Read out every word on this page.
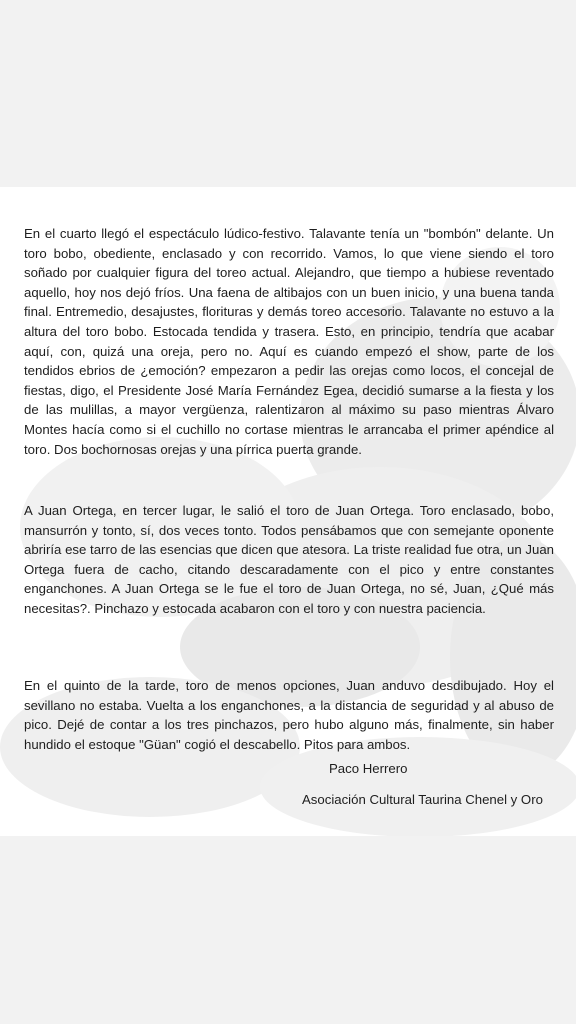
En el cuarto llegó el espectáculo lúdico-festivo. Talavante tenía un "bombón" delante. Un toro bobo, obediente, enclasado y con recorrido. Vamos, lo que viene siendo el toro soñado por cualquier figura del toreo actual. Alejandro, que tiempo a hubiese reventado aquello, hoy nos dejó fríos. Una faena de altibajos con un buen inicio, y una buena tanda final. Entremedio, desajustes, florituras y demás toreo accesorio. Talavante no estuvo a la altura del toro bobo. Estocada tendida y trasera. Esto, en principio, tendría que acabar aquí, con, quizá una oreja, pero no. Aquí es cuando empezó el show, parte de los tendidos ebrios de ¿emoción? empezaron a pedir las orejas como locos, el concejal de fiestas, digo, el Presidente José María Fernández Egea, decidió sumarse a la fiesta y los de las mulillas, a mayor vergüenza, ralentizaron al máximo su paso mientras Álvaro Montes hacía como si el cuchillo no cortase mientras le arrancaba el primer apéndice al toro. Dos bochornosas orejas y una pírrica puerta grande.

A Juan Ortega, en tercer lugar, le salió el toro de Juan Ortega. Toro enclasado, bobo, mansurrón y tonto, sí, dos veces tonto. Todos pensábamos que con semejante oponente abriría ese tarro de las esencias que dicen que atesora. La triste realidad fue otra, un Juan Ortega fuera de cacho, citando descaradamente con el pico y entre constantes enganchones. A Juan Ortega se le fue el toro de Juan Ortega, no sé, Juan, ¿Qué más necesitas?. Pinchazo y estocada acabaron con el toro y con nuestra paciencia.

En el quinto de la tarde, toro de menos opciones, Juan anduvo desdibujado. Hoy el sevillano no estaba. Vuelta a los enganchones, a la distancia de seguridad y al abuso de pico. Dejé de contar a los tres pinchazos, pero hubo alguno más, finalmente, sin haber hundido el estoque "Güan" cogió el descabello. Pitos para ambos.

Paco Herrero

Asociación Cultural Taurina Chenel y Oro
